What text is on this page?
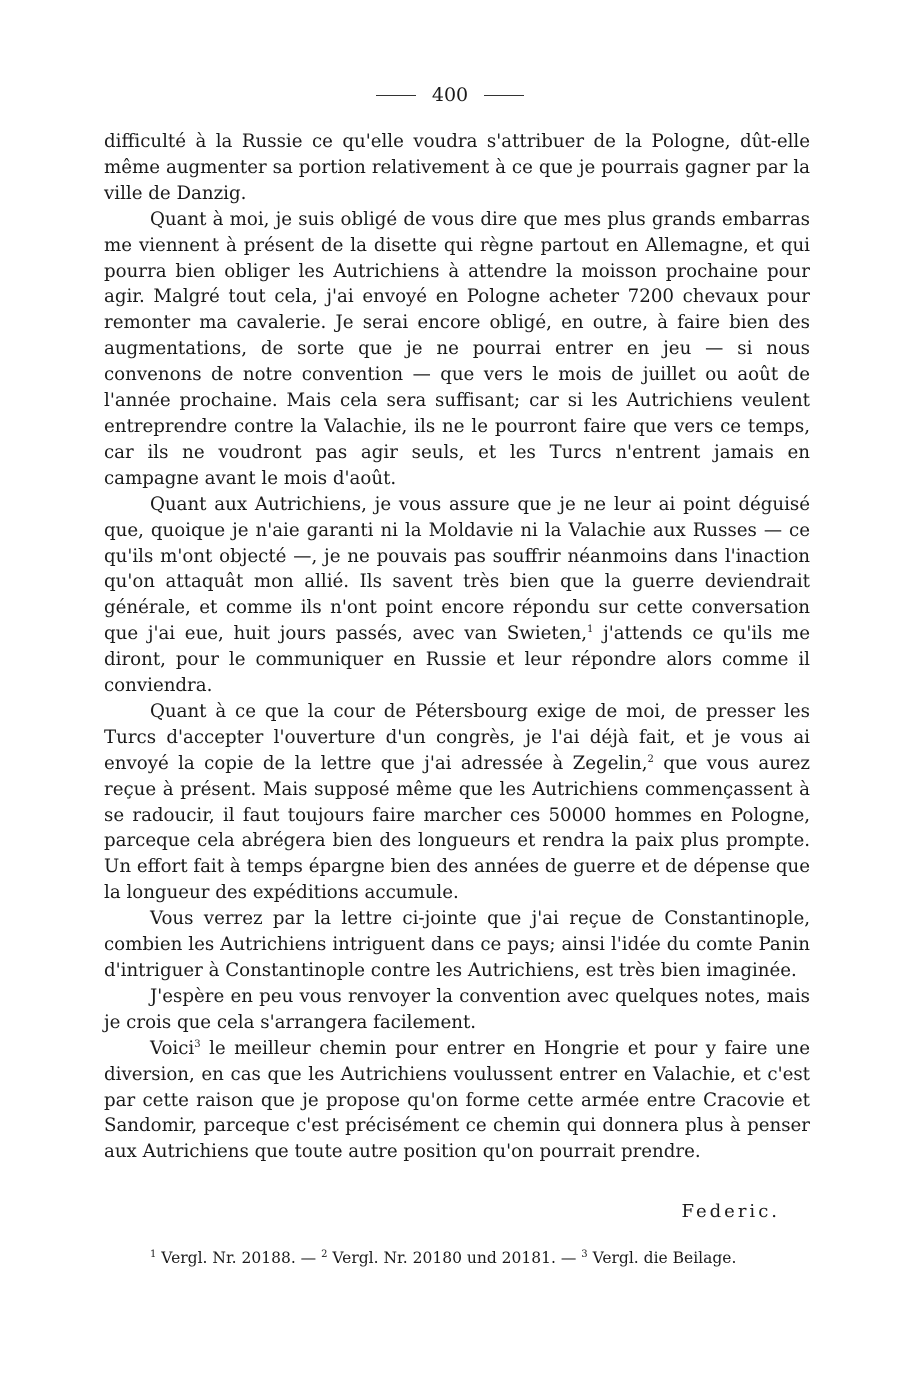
400

difficulté à la Russie ce qu'elle voudra s'attribuer de la Pologne, dût-elle même augmenter sa portion relativement à ce que je pourrais gagner par la ville de Danzig.

Quant à moi, je suis obligé de vous dire que mes plus grands embarras me viennent à présent de la disette qui règne partout en Allemagne, et qui pourra bien obliger les Autrichiens à attendre la moisson prochaine pour agir. Malgré tout cela, j'ai envoyé en Pologne acheter 7200 chevaux pour remonter ma cavalerie. Je serai encore obligé, en outre, à faire bien des augmentations, de sorte que je ne pourrai entrer en jeu — si nous convenons de notre convention — que vers le mois de juillet ou août de l'année prochaine. Mais cela sera suffisant; car si les Autrichiens veulent entreprendre contre la Valachie, ils ne le pourront faire que vers ce temps, car ils ne voudront pas agir seuls, et les Turcs n'entrent jamais en campagne avant le mois d'août.

Quant aux Autrichiens, je vous assure que je ne leur ai point déguisé que, quoique je n'aie garanti ni la Moldavie ni la Valachie aux Russes — ce qu'ils m'ont objecté —, je ne pouvais pas souffrir néanmoins dans l'inaction qu'on attaquât mon allié. Ils savent très bien que la guerre deviendrait générale, et comme ils n'ont point encore répondu sur cette conversation que j'ai eue, huit jours passés, avec van Swieten,$^1$ j'attends ce qu'ils me diront, pour le communiquer en Russie et leur répondre alors comme il conviendra.

Quant à ce que la cour de Pétersbourg exige de moi, de presser les Turcs d'accepter l'ouverture d'un congrès, je l'ai déjà fait, et je vous ai envoyé la copie de la lettre que j'ai adressée à Zegelin,$^2$ que vous aurez reçue à présent. Mais supposé même que les Autrichiens commençassent à se radoucir, il faut toujours faire marcher ces 50000 hommes en Pologne, parceque cela abrégera bien des longueurs et rendra la paix plus prompte. Un effort fait à temps épargne bien des années de guerre et de dépense que la longueur des expéditions accumule.

Vous verrez par la lettre ci-jointe que j'ai reçue de Constantinople, combien les Autrichiens intriguent dans ce pays; ainsi l'idée du comte Panin d'intriguer à Constantinople contre les Autrichiens, est très bien imaginée.

J'espère en peu vous renvoyer la convention avec quelques notes, mais je crois que cela s'arrangera facilement.

Voici$^3$ le meilleur chemin pour entrer en Hongrie et pour y faire une diversion, en cas que les Autrichiens voulussent entrer en Valachie, et c'est par cette raison que je propose qu'on forme cette armée entre Cracovie et Sandomir, parceque c'est précisément ce chemin qui donnera plus à penser aux Autrichiens que toute autre position qu'on pourrait prendre.

Federic.
$^1$ Vergl. Nr. 20188. — $^2$ Vergl. Nr. 20180 und 20181. — $^3$ Vergl. die Beilage.
